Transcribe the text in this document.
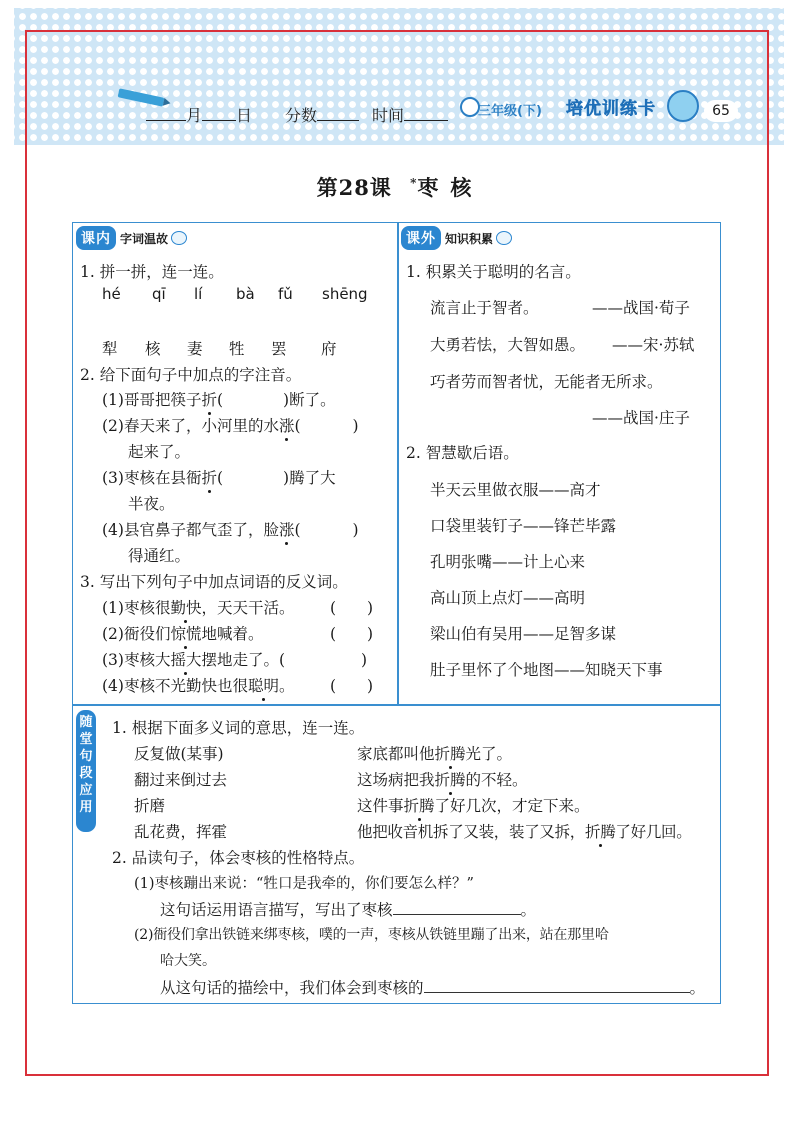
月 日 分数	时间	三年级(下) 培优训练卡	65
第28课 *枣核
课内 字词温故	课外 知识积累
1. 拼一拼，连一连。
hé qī lí bà fǔ shēng
犁 核 妻 牲 罢 府
2. 给下面句子中加点的字注音。
(1)哥哥把筷子折(	)断了。
(2)春天来了，小河里的水涨(	)
起来了。
(3)枣核在县衙折(	)腾了大
半夜。
(4)县官鼻子都气歪了，脸涨(	)
得通红。
3. 写出下列句子中加点词语的反义词。
(1)枣核很勤快，天天干活。 (　　)
(2)衙役们惊慌地喊着。	(　　)
(3)枣核大摇大摆地走了。(	　　)
(4)枣核不光勤快也很聪明。 (　　)
1. 积累关于聪明的名言。
流言止于智者。	——战国·荀子
大勇若怯，大智如愚。 ——宋·苏轼
巧者劳而智者忧，无能者无所求。
——战国·庄子
2. 智慧歇后语。
半天云里做衣服——高才
口袋里装钉子——锋芒毕露
孔明张嘴——计上心来
高山顶上点灯——高明
梁山伯有吴用——足智多谋
肚子里怀了个地图——知晓天下事
随
堂
句
段
应
用
1. 根据下面多义词的意思，连一连。
反复做(某事)
翻过来倒过去
折磨
乱花费，挥霍
家底都叫他折腾光了。
这场病把我折腾的不轻。
这件事折腾了好几次，才定下来。
他把收音机拆了又装，装了又拆，折腾了好几回。
2. 品读句子，体会枣核的性格特点。
(1)枣核蹦出来说：“牲口是我牵的，你们要怎么样？”
这句话运用语言描写，写出了枣核	。
(2)衙役们拿出铁链来绑枣核，噗的一声，枣核从铁链里蹦了出来，站在那里哈
哈大笑。
从这句话的描绘中，我们体会到枣核的	。
